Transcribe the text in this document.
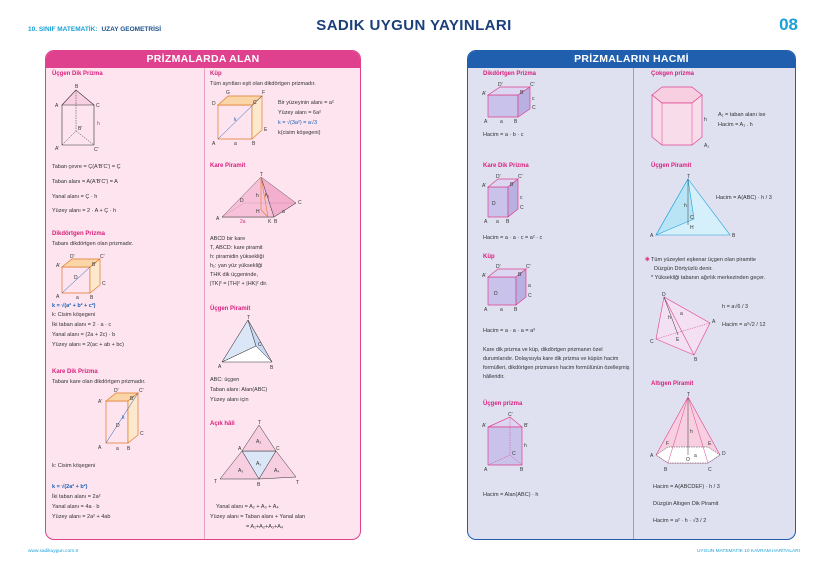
10. SINIF MATEMATİK: UZAY GEOMETRİSİ	SADIK UYGUN YAYINLARI	08
PRİZMALARDA ALAN
Üçgen Dik Prizma
B
A	C
B'
A'	C'
h
Taban çevre = Ç(A'B'C') = Ç
Taban alanı = A(A'B'C') = A
Yanal alanı = Ç · h
Yüzey alanı = 2 · A + Ç · h
Dikdörtgen Prizma
Tabanı dikdörtgen olan prizmadır.
D'	C'
A'	B'
D
C
A	B
a
k = √(a² + b² + c²)
k: Cisim köşegeni
İki taban alanı = 2 · a · c
Yanal alanı = (2a + 2c) · b
Yüzey alanı = 2(ac + ab + bc)
Kare Dik Prizma
Tabanı kare olan dikdörtgen prizmadır.
D'	C'
A'	B'
D
C
A	B
a
k
k: Cisim köşegeni
k = √(2a² + b²)
İki taban alanı = 2a²
Yanal alanı = 4a · b
Yüzey alanı = 2a² + 4ab
Küp
Tüm ayrıtları eşit olan dikdörtgen prizmadır.
G	F
D	C
E
A	B
a
k
Bir yüzeyinin alanı = a²
Yüzey alanı = 6a²
k = √(3a²) = a√3
k(cisim köşegeni)
Kare Piramit
T
A	B
C
D
H
K
h h₁
a
2a
ABCD bir kare
T, ABCD: kare piramit
h: piramidin yüksekliği
h₁: yan yüz yüksekliği
THK dik üçgeninde,
|TK|² = |TH|² + |HK|² dir.
Üçgen Piramit
T
A	B
C
ABC: üçgen
Taban alanı: Alan(ABC)
Yüzey alanı için
Açık hâli
T	T
T
A	C
B
A₁
A₂
A₃	A₄
Yanal alanı = A₂ + A₃ + A₄
Yüzey alanı = Taban alanı + Yanal alan
= A₁+A₂+A₃+A₄
PRİZMALARIN HACMİ
Dikdörtgen Prizma
D'	C'
A'	B'
C
c
A	B
a
Hacim = a · b · c
Kare Dik Prizma
D'	C'
A'	B'
D
C
c
A	B
a
Hacim = a · a · c = a² · c
Küp
D'	C'
A'	B'
D	C
a
A	B
a
Hacim = a · a · a = a³
Kare dik prizma ve küp, dikdörtgen prizmanın özel durumlarıdır. Dolayısıyla kare dik prizma ve küpün hacim formülleri, dikdörtgen prizmanın hacim formülünün özelleşmiş hâlleridir.
Üçgen prizma
C'
A'	B'
h
C
A	B
Hacim = Alan(ABC) · h
Çokgen prizma
h
A₁
A₁ = taban alanı ise
Hacim = A₁ . h
Üçgen Piramit
T
A	B
C
h
H
Hacim = A(ABC) · h / 3
✱ Tüm yüzeyleri eşkenar üçgen olan piramite
Düzgün Dörtyüzlü denir.
* Yüksekliği tabanın ağırlık merkezinden geçer.
D
A
C
B
h
E
a
h = a√6 / 3
Hacim = a³√2 / 12
Altıgen Piramit
T
A	D
B	C
F	E
h
O
a
Hacim = A(ABCDEF) · h / 3
Düzgün Altıgen Dik Piramit
Hacim = a² · h · √3 / 2
www.sadikuygun.com.tr	UYGUN MATEMATİK 10 KAVRAM HARİTALARI
